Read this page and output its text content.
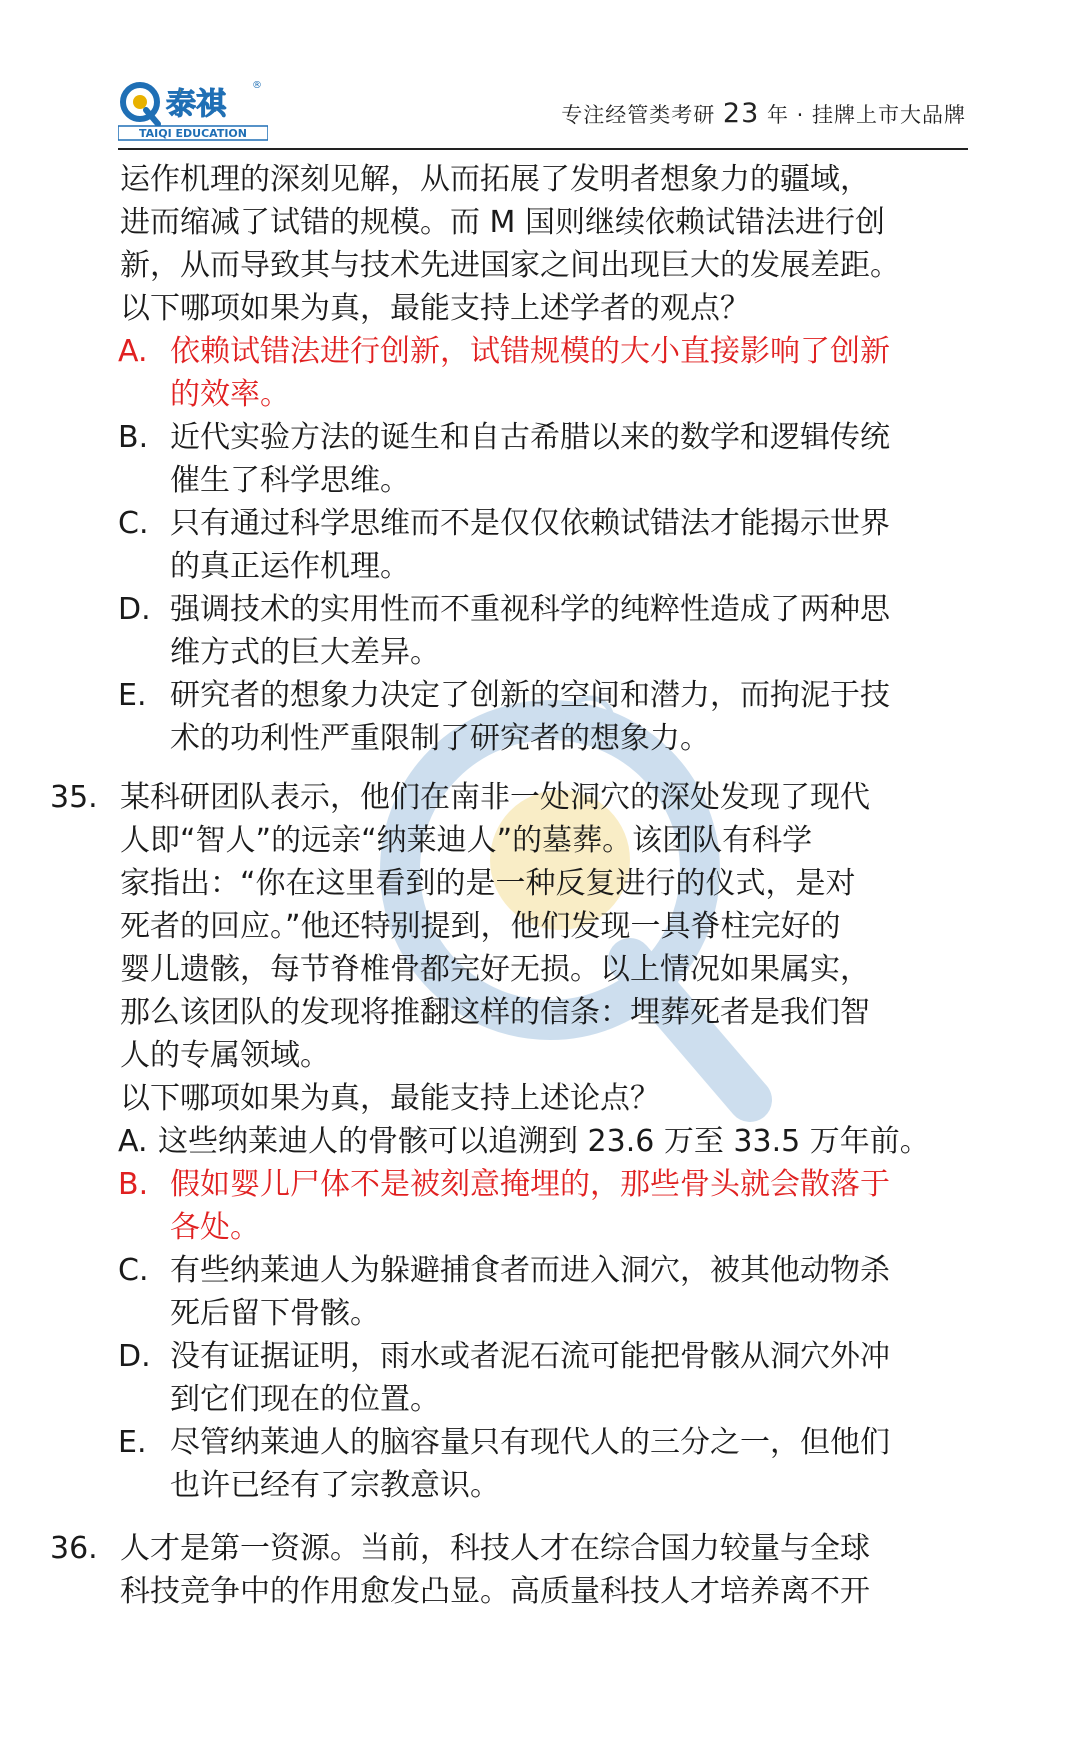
泰祺
®
TAIQI EDUCATION
专注经管类考研 23 年 · 挂牌上市大品牌
运作机理的深刻见解，从而拓展了发明者想象力的疆域，
进而缩减了试错的规模。而 M 国则继续依赖试错法进行创
新，从而导致其与技术先进国家之间出现巨大的发展差距。
以下哪项如果为真，最能支持上述学者的观点？
A. 依赖试错法进行创新，试错规模的大小直接影响了创新
的效率。
B. 近代实验方法的诞生和自古希腊以来的数学和逻辑传统
催生了科学思维。
C. 只有通过科学思维而不是仅仅依赖试错法才能揭示世界
的真正运作机理。
D. 强调技术的实用性而不重视科学的纯粹性造成了两种思
维方式的巨大差异。
E. 研究者的想象力决定了创新的空间和潜力，而拘泥于技
术的功利性严重限制了研究者的想象力。
35. 某科研团队表示，他们在南非一处洞穴的深处发现了现代
人即“智人”的远亲“纳莱迪人”的墓葬。该团队有科学
家指出：“你在这里看到的是一种反复进行的仪式，是对
死者的回应。”他还特别提到，他们发现一具脊柱完好的
婴儿遗骸，每节脊椎骨都完好无损。以上情况如果属实，
那么该团队的发现将推翻这样的信条：埋葬死者是我们智
人的专属领域。
以下哪项如果为真，最能支持上述论点？
A. 这些纳莱迪人的骨骸可以追溯到 23.6 万至 33.5 万年前。
B. 假如婴儿尸体不是被刻意掩埋的，那些骨头就会散落于
各处。
C. 有些纳莱迪人为躲避捕食者而进入洞穴，被其他动物杀
死后留下骨骸。
D. 没有证据证明，雨水或者泥石流可能把骨骸从洞穴外冲
到它们现在的位置。
E. 尽管纳莱迪人的脑容量只有现代人的三分之一，但他们
也许已经有了宗教意识。
36. 人才是第一资源。当前，科技人才在综合国力较量与全球
科技竞争中的作用愈发凸显。高质量科技人才培养离不开
